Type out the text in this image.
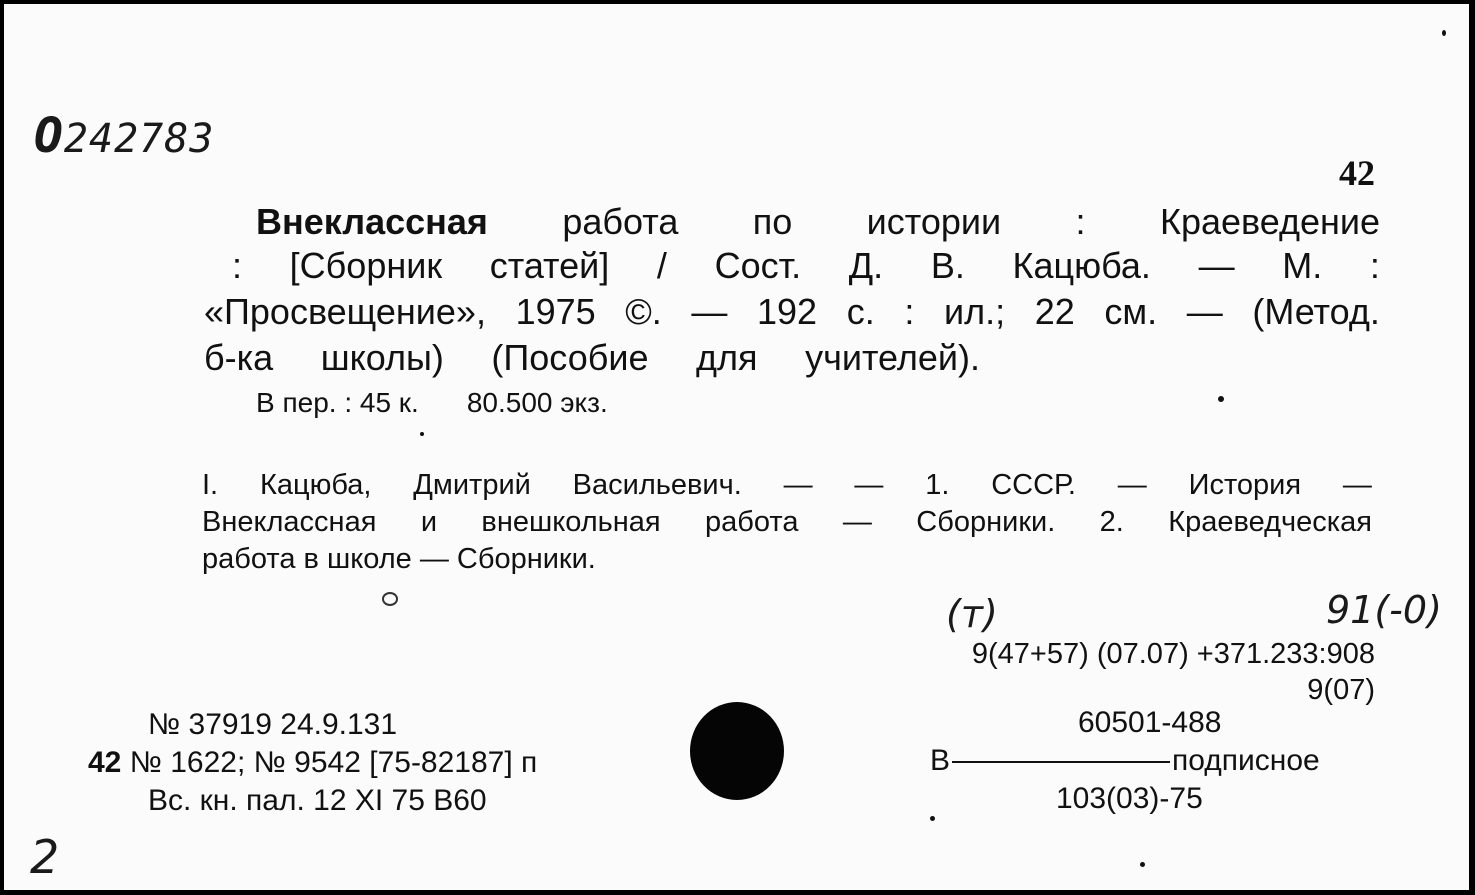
О242783
42
Внеклассная работа по истории : Краеведение
: [Сборник статей] / Сост. Д. В. Кацюба. — М. :
«Просвещение», 1975 ©. — 192 с. : ил.; 22 см. — (Метод.
б-ка школы) (Пособие для учителей).
В пер. : 45 к. 80.500 экз.
I. Кацюба, Дмитрий Васильевич. — — 1. СССР. — История —
Внеклассная и внешкольная работа — Сборники. 2. Краеведческая
работа в школе — Сборники.
(т)	91(-0)
9(47+57) (07.07) +371.233:908
9(07)
60501-488
В	подписное
103(03)-75
№ 37919 24.9.131
42 № 1622; № 9542 [75-82187] п
Вс. кн. пал. 12 XI 75 В60
2
